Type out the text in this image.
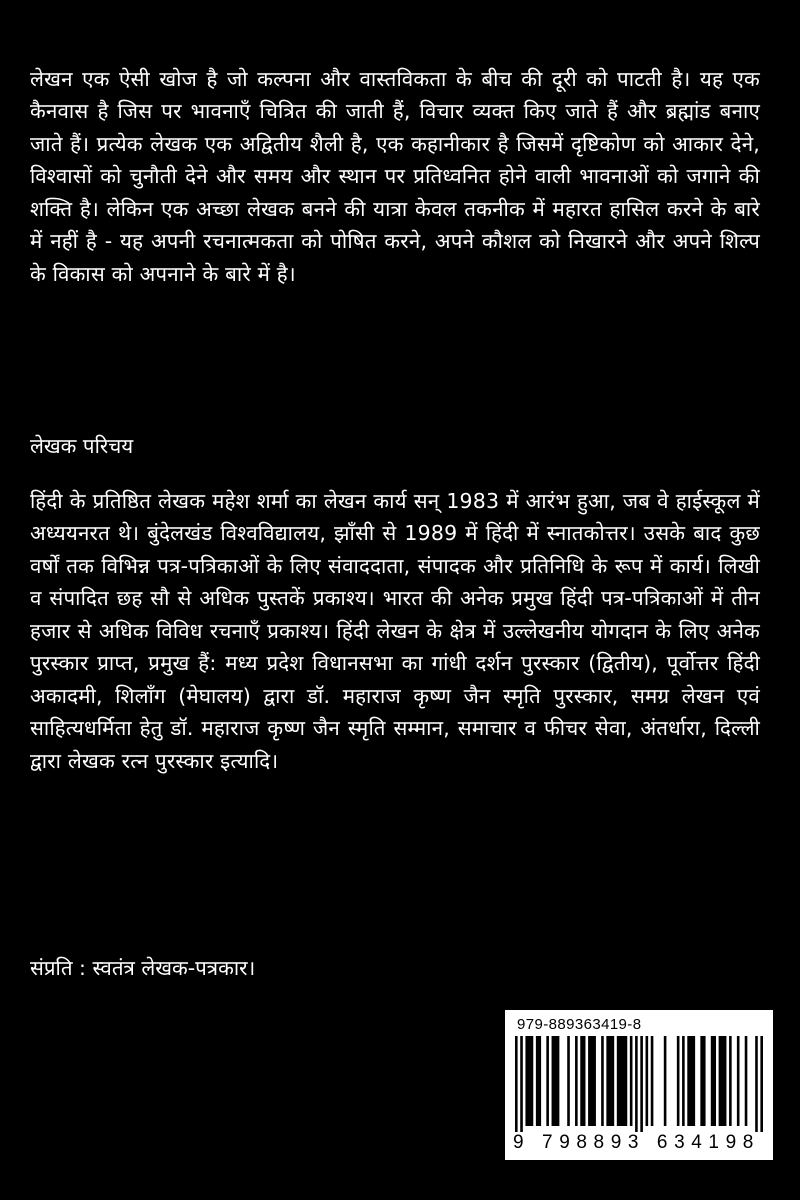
लेखन एक ऐसी खोज है जो कल्पना और वास्तविकता के बीच की दूरी को पाटती है। यह एक कैनवास है जिस पर भावनाएँ चित्रित की जाती हैं, विचार व्यक्त किए जाते हैं और ब्रह्मांड बनाए जाते हैं। प्रत्येक लेखक एक अद्वितीय शैली है, एक कहानीकार है जिसमें दृष्टिकोण को आकार देने, विश्वासों को चुनौती देने और समय और स्थान पर प्रतिध्वनित होने वाली भावनाओं को जगाने की शक्ति है। लेकिन एक अच्छा लेखक बनने की यात्रा केवल तकनीक में महारत हासिल करने के बारे में नहीं है - यह अपनी रचनात्मकता को पोषित करने, अपने कौशल को निखारने और अपने शिल्प के विकास को अपनाने के बारे में है।

लेखक परिचय

हिंदी के प्रतिष्ठित लेखक महेश शर्मा का लेखन कार्य सन् 1983 में आरंभ हुआ, जब वे हाईस्कूल में अध्ययनरत थे। बुंदेलखंड विश्वविद्यालय, झाँसी से 1989 में हिंदी में स्नातकोत्तर। उसके बाद कुछ वर्षों तक विभिन्न पत्र-पत्रिकाओं के लिए संवाददाता, संपादक और प्रतिनिधि के रूप में कार्य। लिखी व संपादित छह सौ से अधिक पुस्तकें प्रकाश्य। भारत की अनेक प्रमुख हिंदी पत्र-पत्रिकाओं में तीन हजार से अधिक विविध रचनाएँ प्रकाश्य। हिंदी लेखन के क्षेत्र में उल्लेखनीय योगदान के लिए अनेक पुरस्कार प्राप्त, प्रमुख हैं: मध्य प्रदेश विधानसभा का गांधी दर्शन पुरस्कार (द्वितीय), पूर्वोत्तर हिंदी अकादमी, शिलाँग (मेघालय) द्वारा डॉ. महाराज कृष्ण जैन स्मृति पुरस्कार, समग्र लेखन एवं साहित्यधर्मिता हेतु डॉ. महाराज कृष्ण जैन स्मृति सम्मान, समाचार व फीचर सेवा, अंतर्धारा, दिल्ली द्वारा लेखक रत्न पुरस्कार इत्यादि।

संप्रति : स्वतंत्र लेखक-पत्रकार।
979-889363419-8
9 798893 634198
